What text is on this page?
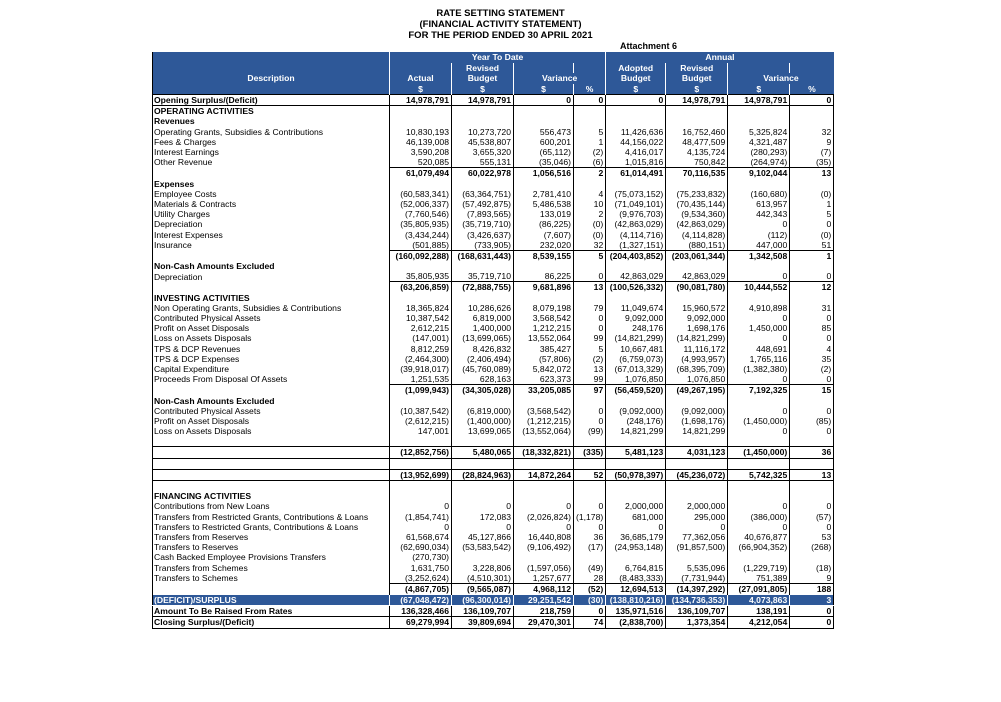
RATE SETTING STATEMENT
(FINANCIAL ACTIVITY STATEMENT)
FOR THE PERIOD ENDED 30 APRIL 2021
Attachment 6
	Year To Date				Annual			
		Revised			Adopted	Revised		
Description	Actual	Budget	Variance		Budget	Budget	Variance	
	$	$	$	%	$	$	$	%
Opening Surplus/(Deficit)	14,978,791	14,978,791	0	0	0	14,978,791	14,978,791	0
OPERATING ACTIVITIES								
Revenues								
Operating Grants, Subsidies & Contributions	10,830,193	10,273,720	556,473	5	11,426,636	16,752,460	5,325,824	32
Fees & Charges	46,139,008	45,538,807	600,201	1	44,156,022	48,477,509	4,321,487	9
Interest Earnings	3,590,208	3,655,320	(65,112)	(2)	4,416,017	4,135,724	(280,293)	(7)
Other Revenue	520,085	555,131	(35,046)	(6)	1,015,816	750,842	(264,974)	(35)
	61,079,494	60,022,978	1,056,516	2	61,014,491	70,116,535	9,102,044	13
Expenses								
Employee Costs	(60,583,341)	(63,364,751)	2,781,410	4	(75,073,152)	(75,233,832)	(160,680)	(0)
Materials & Contracts	(52,006,337)	(57,492,875)	5,486,538	10	(71,049,101)	(70,435,144)	613,957	1
Utility Charges	(7,760,546)	(7,893,565)	133,019	2	(9,976,703)	(9,534,360)	442,343	5
Depreciation	(35,805,935)	(35,719,710)	(86,225)	(0)	(42,863,029)	(42,863,029)	0	0
Interest Expenses	(3,434,244)	(3,426,637)	(7,607)	(0)	(4,114,716)	(4,114,828)	(112)	(0)
Insurance	(501,885)	(733,905)	232,020	32	(1,327,151)	(880,151)	447,000	51
	(160,092,288)	(168,631,443)	8,539,155	5	(204,403,852)	(203,061,344)	1,342,508	1
Non-Cash Amounts Excluded								
Depreciation	35,805,935	35,719,710	86,225	0	42,863,029	42,863,029	0	0
	(63,206,859)	(72,888,755)	9,681,896	13	(100,526,332)	(90,081,780)	10,444,552	12
INVESTING ACTIVITIES								
Non Operating Grants, Subsidies & Contributions	18,365,824	10,286,626	8,079,198	79	11,049,674	15,960,572	4,910,898	31
Contributed Physical Assets	10,387,542	6,819,000	3,568,542	0	9,092,000	9,092,000	0	0
Profit on Asset Disposals	2,612,215	1,400,000	1,212,215	0	248,176	1,698,176	1,450,000	85
Loss on Assets Disposals	(147,001)	(13,699,065)	13,552,064	99	(14,821,299)	(14,821,299)	0	0
TPS & DCP Revenues	8,812,259	8,426,832	385,427	5	10,667,481	11,116,172	448,691	4
TPS & DCP Expenses	(2,464,300)	(2,406,494)	(57,806)	(2)	(6,759,073)	(4,993,957)	1,765,116	35
Capital Expenditure	(39,918,017)	(45,760,089)	5,842,072	13	(67,013,329)	(68,395,709)	(1,382,380)	(2)
Proceeds From Disposal Of Assets	1,251,535	628,163	623,373	99	1,076,850	1,076,850	0	0
	(1,099,943)	(34,305,028)	33,205,085	97	(56,459,520)	(49,267,195)	7,192,325	15
Non-Cash Amounts Excluded								
Contributed Physical Assets	(10,387,542)	(6,819,000)	(3,568,542)	0	(9,092,000)	(9,092,000)	0	0
Profit on Asset Disposals	(2,612,215)	(1,400,000)	(1,212,215)	0	(248,176)	(1,698,176)	(1,450,000)	(85)
Loss on Assets Disposals	147,001	13,699,065	(13,552,064)	(99)	14,821,299	14,821,299	0	0

	(12,852,756)	5,480,065	(18,332,821)	(335)	5,481,123	4,031,123	(1,450,000)	36

	(13,952,699)	(28,824,963)	14,872,264	52	(50,978,397)	(45,236,072)	5,742,325	13

FINANCING ACTIVITIES								
Contributions from New Loans	0	0	0	0	2,000,000	2,000,000	0	0
Transfers from Restricted Grants, Contributions & Loans	(1,854,741)	172,083	(2,026,824)	(1,178)	681,000	295,000	(386,000)	(57)
Transfers to Restricted Grants, Contributions & Loans	0	0	0	0	0	0	0	0
Transfers from Reserves	61,568,674	45,127,866	16,440,808	36	36,685,179	77,362,056	40,676,877	53
Transfers to Reserves	(62,690,034)	(53,583,542)	(9,106,492)	(17)	(24,953,148)	(91,857,500)	(66,904,352)	(268)
Cash Backed Employee Provisions Transfers	(270,730)							
Transfers from Schemes	1,631,750	3,228,806	(1,597,056)	(49)	6,764,815	5,535,096	(1,229,719)	(18)
Transfers to Schemes	(3,252,624)	(4,510,301)	1,257,677	28	(8,483,333)	(7,731,944)	751,389	9
	(4,867,705)	(9,565,087)	4,968,112	(52)	12,694,513	(14,397,292)	(27,091,805)	188
(DEFICIT)/SURPLUS	(67,048,472)	(96,300,014)	29,251,542	(30)	(138,810,216)	(134,736,353)	4,073,863	3
Amount To Be Raised From Rates	136,328,466	136,109,707	218,759	0	135,971,516	136,109,707	138,191	0
Closing Surplus/(Deficit)	69,279,994	39,809,694	29,470,301	74	(2,838,700)	1,373,354	4,212,054	0
